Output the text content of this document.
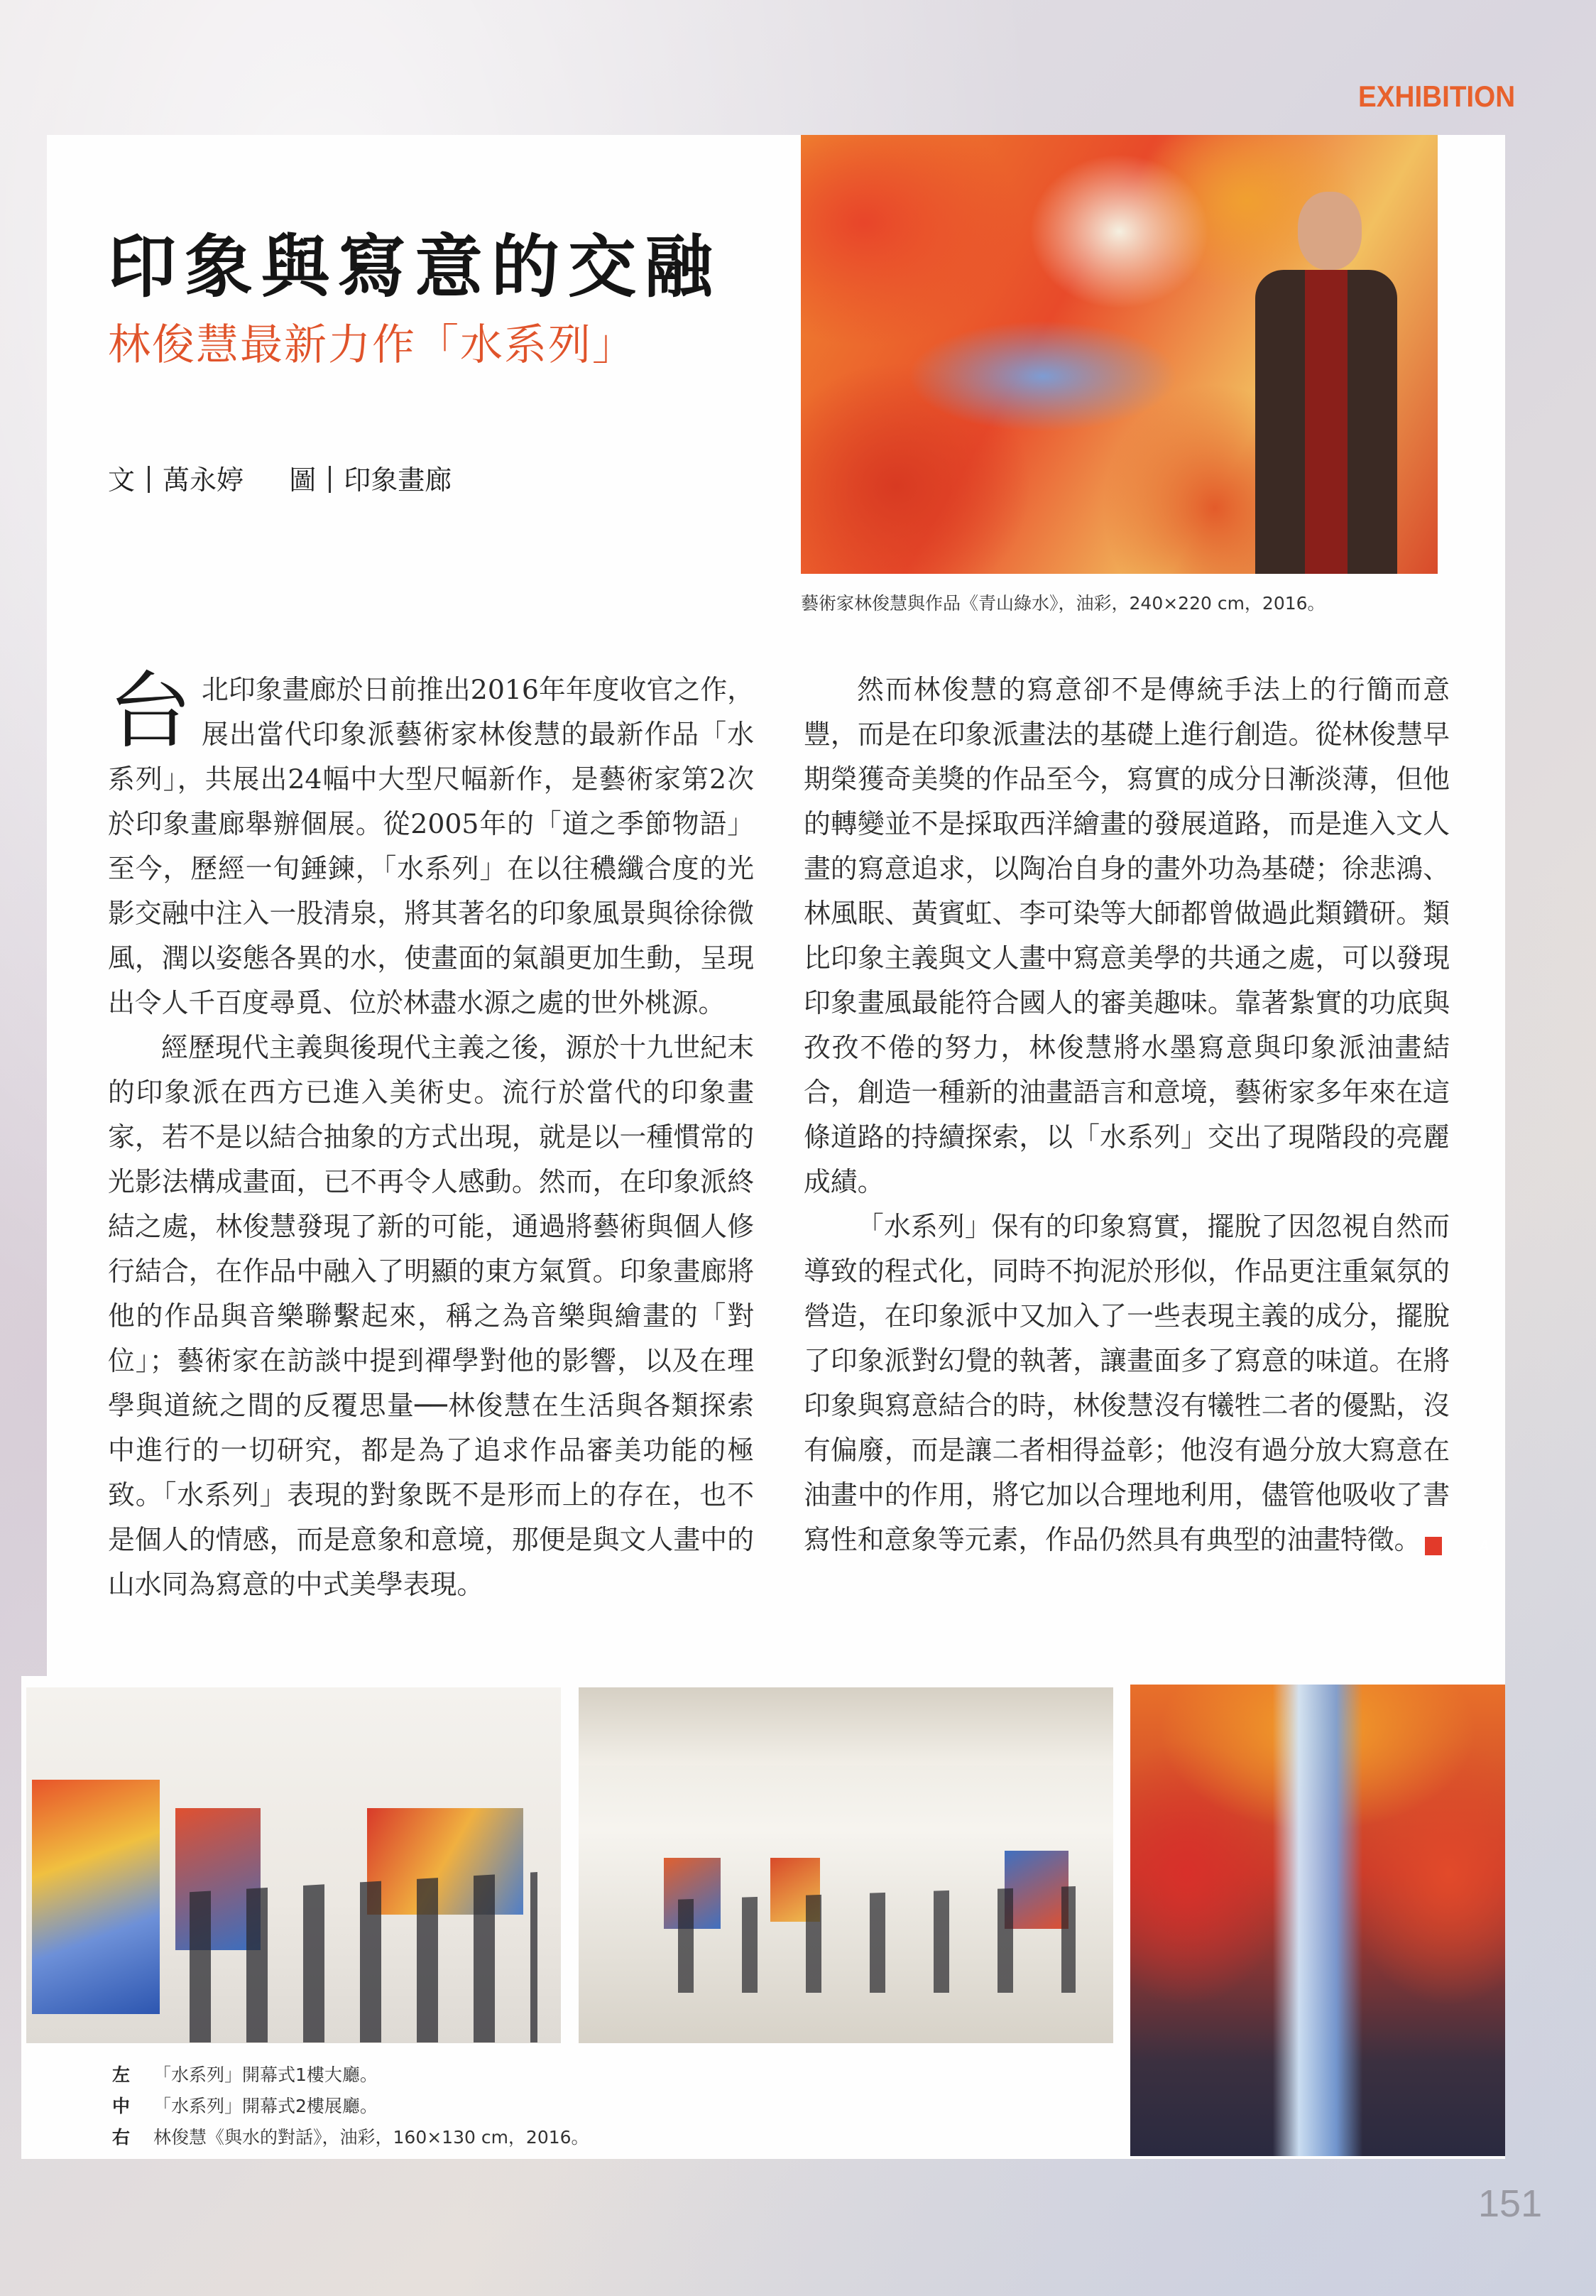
EXHIBITION
印象與寫意的交融
林俊慧最新力作「水系列」
文 萬永婷 圖 印象畫廊
藝術家林俊慧與作品《青山綠水》，油彩，240×220 cm，2016。

台北印象畫廊於日前推出2016年年度收官之作，展出當代印象派藝術家林俊慧的最新作品「水系列」，共展出24幅中大型尺幅新作，是藝術家第2次於印象畫廊舉辦個展。從2005年的「道之季節物語」至今，歷經一旬錘鍊，「水系列」在以往穠纖合度的光影交融中注入一股清泉，將其著名的印象風景與徐徐微風，潤以姿態各異的水，使畫面的氣韻更加生動，呈現出令人千百度尋覓、位於林盡水源之處的世外桃源。

經歷現代主義與後現代主義之後，源於十九世紀末的印象派在西方已進入美術史。流行於當代的印象畫家，若不是以結合抽象的方式出現，就是以一種慣常的光影法構成畫面，已不再令人感動。然而，在印象派終結之處，林俊慧發現了新的可能，通過將藝術與個人修行結合，在作品中融入了明顯的東方氣質。印象畫廊將他的作品與音樂聯繫起來，稱之為音樂與繪畫的「對位」；藝術家在訪談中提到禪學對他的影響，以及在理學與道統之間的反覆思量──林俊慧在生活與各類探索中進行的一切研究，都是為了追求作品審美功能的極致。「水系列」表現的對象既不是形而上的存在，也不是個人的情感，而是意象和意境，那便是與文人畫中的山水同為寫意的中式美學表現。

然而林俊慧的寫意卻不是傳統手法上的行簡而意豐，而是在印象派畫法的基礎上進行創造。從林俊慧早期榮獲奇美獎的作品至今，寫實的成分日漸淡薄，但他的轉變並不是採取西洋繪畫的發展道路，而是進入文人畫的寫意追求，以陶冶自身的畫外功為基礎；徐悲鴻、林風眠、黃賓虹、李可染等大師都曾做過此類鑽研。類比印象主義與文人畫中寫意美學的共通之處，可以發現印象畫風最能符合國人的審美趣味。靠著紮實的功底與孜孜不倦的努力，林俊慧將水墨寫意與印象派油畫結合，創造一種新的油畫語言和意境，藝術家多年來在這條道路的持續探索，以「水系列」交出了現階段的亮麗成績。

「水系列」保有的印象寫實，擺脫了因忽視自然而導致的程式化，同時不拘泥於形似，作品更注重氣氛的營造，在印象派中又加入了一些表現主義的成分，擺脫了印象派對幻覺的執著，讓畫面多了寫意的味道。在將印象與寫意結合的時，林俊慧沒有犧牲二者的優點，沒有偏廢，而是讓二者相得益彰；他沒有過分放大寫意在油畫中的作用，將它加以合理地利用，儘管他吸收了書寫性和意象等元素，作品仍然具有典型的油畫特徵。	A

左 「水系列」開幕式1樓大廳。
中 「水系列」開幕式2樓展廳。
右 林俊慧《與水的對話》，油彩，160×130 cm，2016。
151
